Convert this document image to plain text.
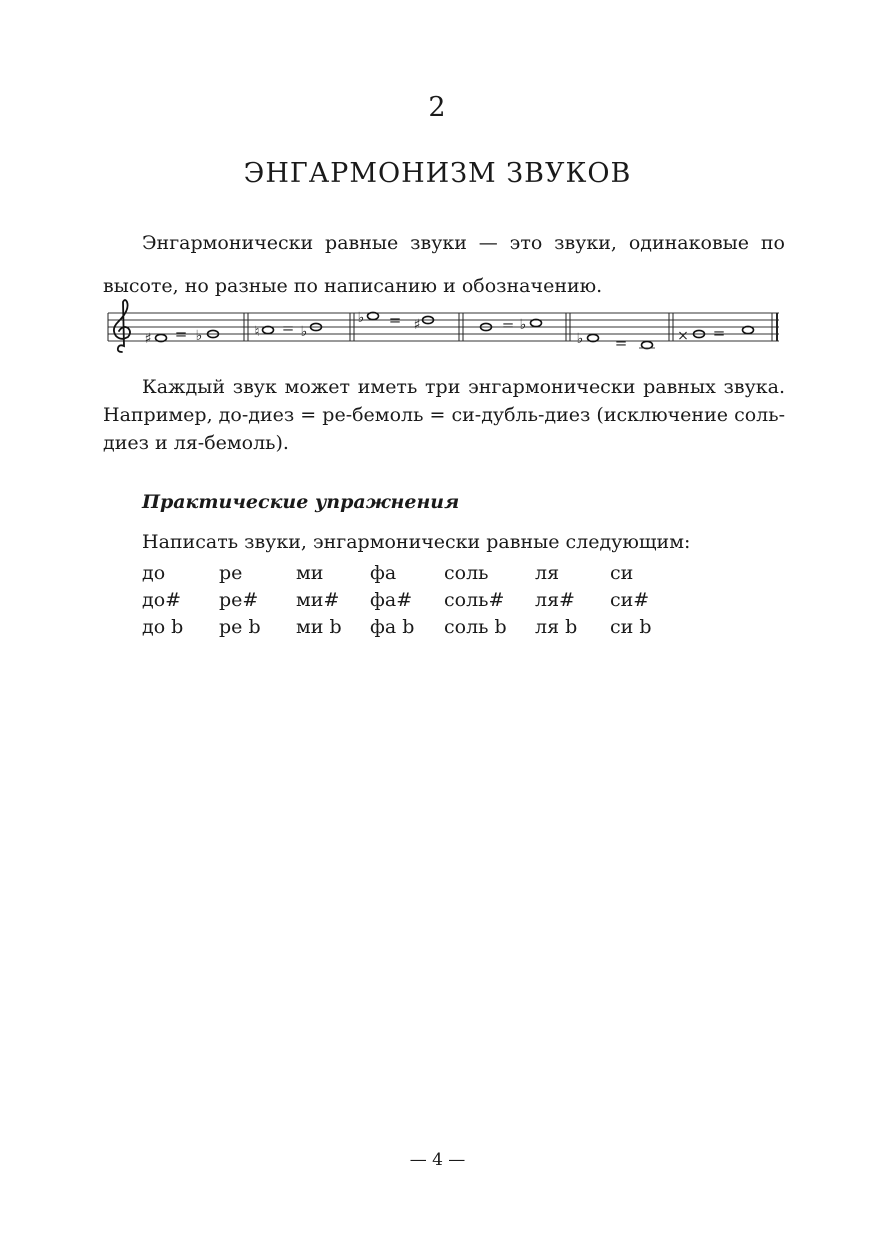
2
ЭНГАРМОНИЗМ ЗВУКОВ

Энгармонически равные звуки — это звуки, одинаковые по высоте, но разные по написанию и обозначению.

=	=	=	=
=
=
♯	♭	♮	♭
♭	♯	♭
♭	×

Каждый звук может иметь три энгармонически равных звука. Например, до-диез = ре-бемоль = си-дубль-диез (исключение соль-диез и ля-бемоль).

Практические упражнения

Написать звуки, энгармонически равные следующим:

до	ре	ми фа	соль ля	си
до# ре# ми# фа# соль# ля# си#
до b ре b ми b фа b соль b ля b си b
— 4 —
